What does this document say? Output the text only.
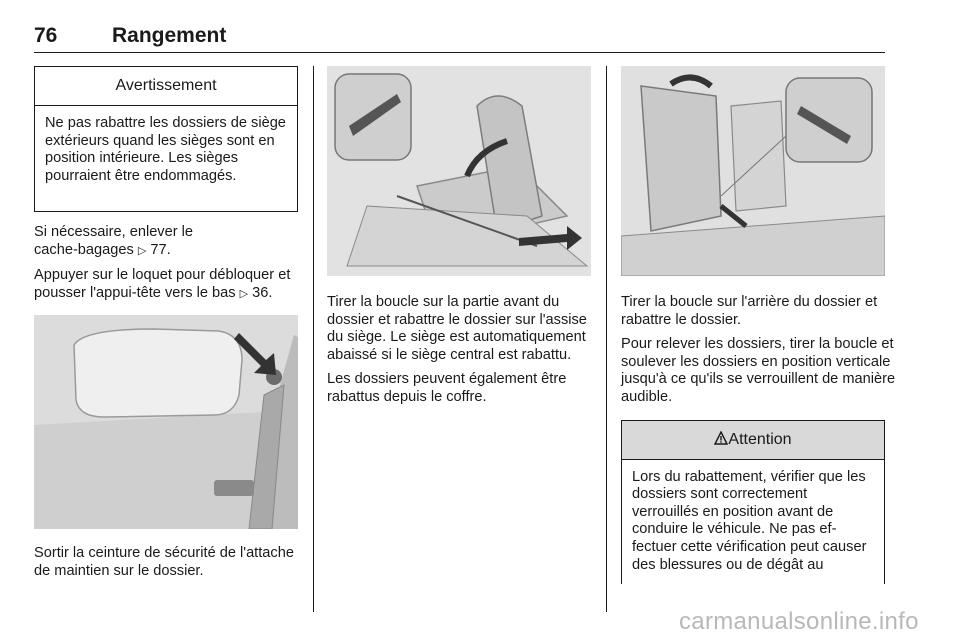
76	Rangement
Avertissement
Ne pas rabattre les dossiers de siège extérieurs quand les sièges sont en position intérieure. Les sièges pourraient être endommagés.

Si nécessaire, enlever le
cache-bagages ▷ 77.

Appuyer sur le loquet pour débloquer et pousser l'appui-tête vers le bas ▷ 36.

Sortir la ceinture de sécurité de l'attache de maintien sur le dossier.

Tirer la boucle sur la partie avant du dossier et rabattre le dossier sur l'assise du siège. Le siège est automatiquement abaissé si le siège central est rabattu.

Les dossiers peuvent également être rabattus depuis le coffre.

Tirer la boucle sur l'arrière du dossier et rabattre le dossier.

Pour relever les dossiers, tirer la boucle et soulever les dossiers en position verticale jusqu'à ce qu'ils se verrouillent de manière audible.

Attention
Lors du rabattement, vérifier que les dossiers sont correctement verrouillés en position avant de conduire le véhicule. Ne pas effectuer cette vérification peut causer des blessures ou de dégât au
carmanualsonline.info
